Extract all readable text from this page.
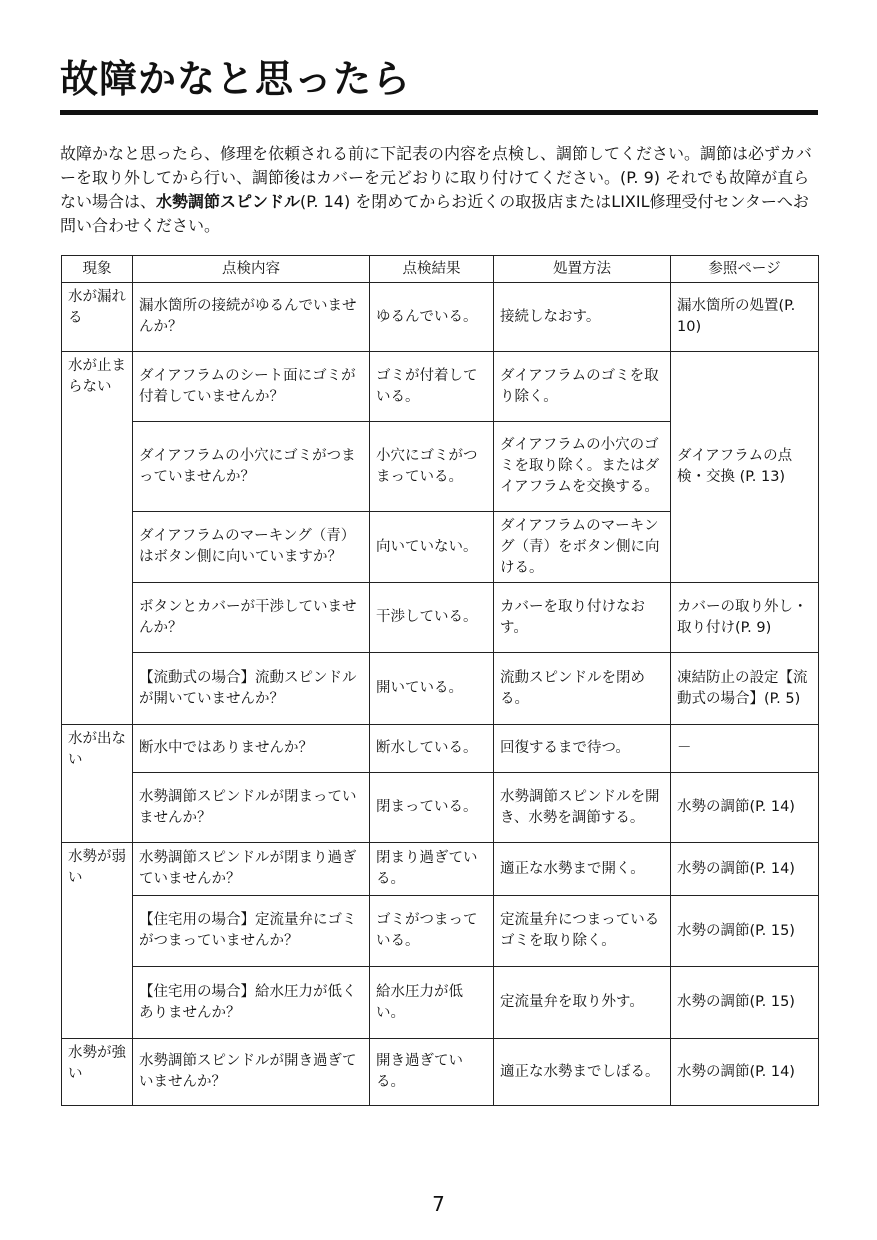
故障かなと思ったら

故障かなと思ったら、修理を依頼される前に下記表の内容を点検し、調節してください。調節は必ずカバーを取り外してから行い、調節後はカバーを元どおりに取り付けてください。(P. 9) それでも故障が直らない場合は、水勢調節スピンドル(P. 14) を閉めてからお近くの取扱店またはLIXIL修理受付センターへお問い合わせください。

現象	点検内容	点検結果	処置方法	参照ページ
水が漏れる	漏水箇所の接続がゆるんでいませんか？	ゆるんでいる。	接続しなおす。	漏水箇所の処置(P. 10)
水が止まらない	ダイアフラムのシート面にゴミが付着していませんか？	ゴミが付着している。	ダイアフラムのゴミを取り除く。	ダイアフラムの点検・交換 (P. 13)
	ダイアフラムの小穴にゴミがつまっていませんか？	小穴にゴミがつまっている。	ダイアフラムの小穴のゴミを取り除く。またはダイアフラムを交換する。	
	ダイアフラムのマーキング（青）はボタン側に向いていますか？	向いていない。	ダイアフラムのマーキング（青）をボタン側に向ける。	
	ボタンとカバーが干渉していませんか？	干渉している。	カバーを取り付けなおす。	カバーの取り外し・取り付け(P. 9)
	【流動式の場合】流動スピンドルが開いていませんか？	開いている。	流動スピンドルを閉める。	凍結防止の設定【流動式の場合】(P. 5)
水が出ない	断水中ではありませんか？	断水している。	回復するまで待つ。	－
	水勢調節スピンドルが閉まっていませんか？	閉まっている。	水勢調節スピンドルを開き、水勢を調節する。	水勢の調節(P. 14)
水勢が弱い	水勢調節スピンドルが閉まり過ぎていませんか？	閉まり過ぎている。	適正な水勢まで開く。	水勢の調節(P. 14)
	【住宅用の場合】定流量弁にゴミがつまっていませんか？	ゴミがつまっている。	定流量弁につまっているゴミを取り除く。	水勢の調節(P. 15)
	【住宅用の場合】給水圧力が低くありませんか？	給水圧力が低い。	定流量弁を取り外す。	水勢の調節(P. 15)
水勢が強い	水勢調節スピンドルが開き過ぎていませんか？	開き過ぎている。	適正な水勢までしぼる。	水勢の調節(P. 14)
7
